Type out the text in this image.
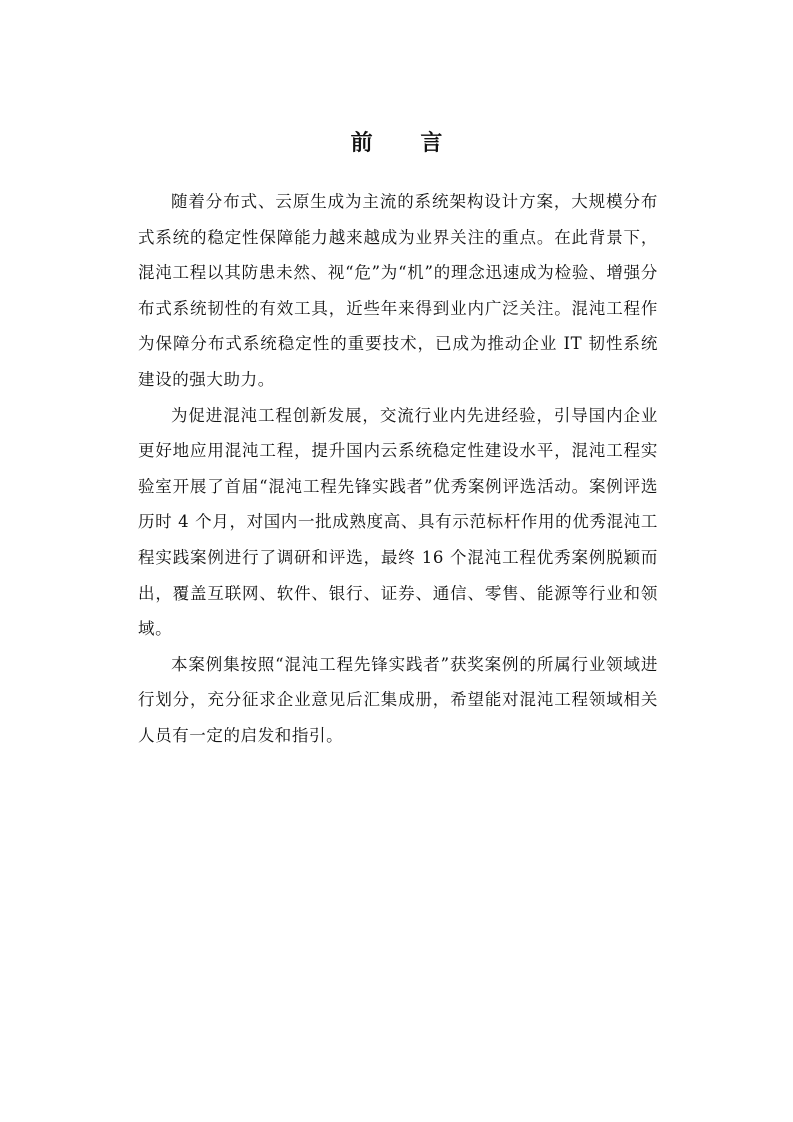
前 言

随着分布式、云原生成为主流的系统架构设计方案，大规模分布式系统的稳定性保障能力越来越成为业界关注的重点。在此背景下，混沌工程以其防患未然、视“危”为“机”的理念迅速成为检验、增强分布式系统韧性的有效工具，近些年来得到业内广泛关注。混沌工程作为保障分布式系统稳定性的重要技术，已成为推动企业 IT 韧性系统建设的强大助力。

为促进混沌工程创新发展，交流行业内先进经验，引导国内企业更好地应用混沌工程，提升国内云系统稳定性建设水平，混沌工程实验室开展了首届“混沌工程先锋实践者”优秀案例评选活动。案例评选历时 4 个月，对国内一批成熟度高、具有示范标杆作用的优秀混沌工程实践案例进行了调研和评选，最终 16 个混沌工程优秀案例脱颖而出，覆盖互联网、软件、银行、证券、通信、零售、能源等行业和领域。

本案例集按照“混沌工程先锋实践者”获奖案例的所属行业领域进行划分，充分征求企业意见后汇集成册，希望能对混沌工程领域相关人员有一定的启发和指引。
